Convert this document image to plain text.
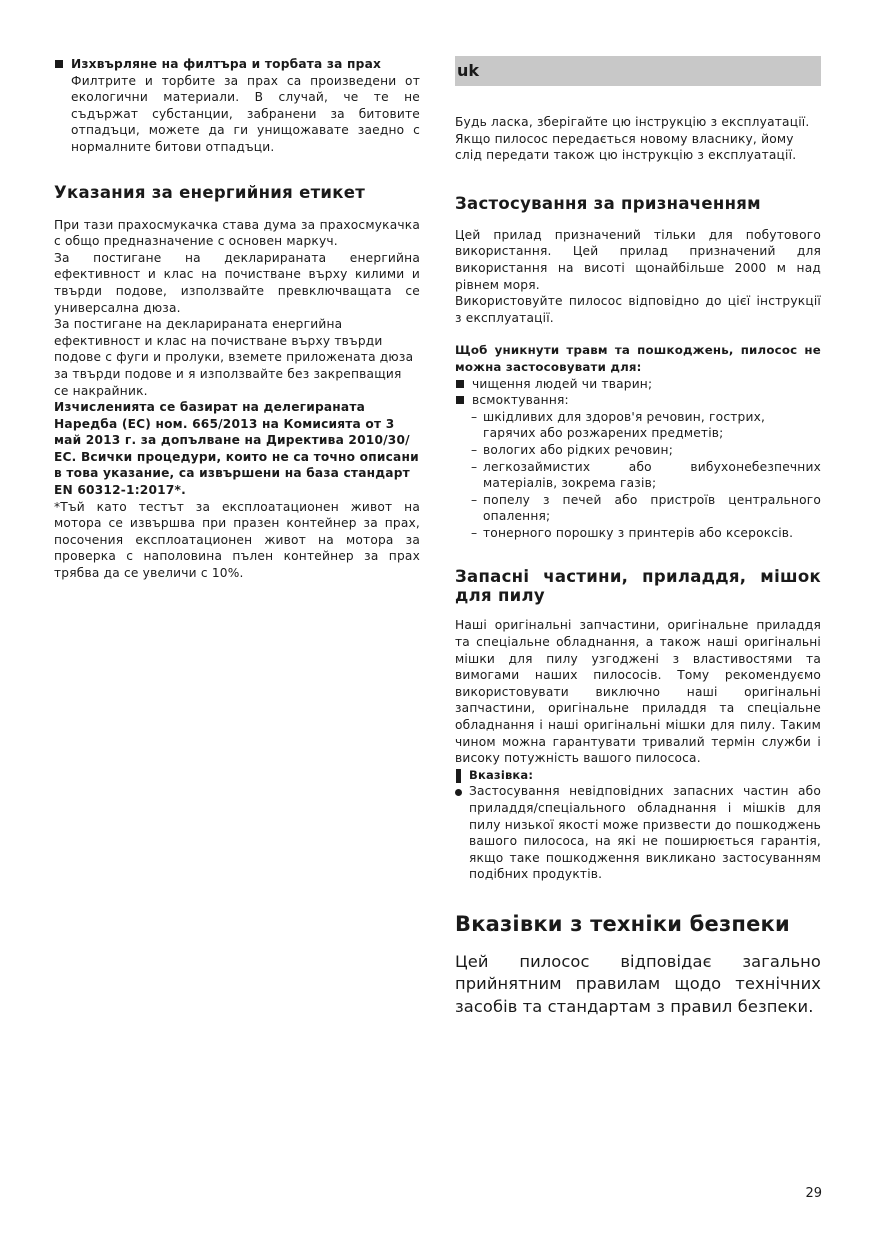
Изхвърляне на филтъра и торбата за прах

Филтрите и торбите за прах са произведени от екологични материали. В случай, че те не съдържат субстанции, забранени за битовите отпадъци, можете да ги унищожавате заедно с нормалните битови отпадъци.

Указания за енергийния етикет

При тази прахосмукачка става дума за прахосмукачка с общо предназначение с основен маркуч.

За постигане на декларираната енергийна ефективност и клас на почистване върху килими и твърди подове, използвайте превключващата се универсална дюза.

За постигане на декларираната енергийна ефективност и клас на почистване върху твърди подове с фуги и пролуки, вземете приложената дюза за твърди подове и я използвайте без закрепващия се накрайник.

Изчислениятa се базират на делегираната Наредба (ЕС) ном. 665/2013 на Комисията от 3 май 2013 г. за допълване на Директива 2010/30/ЕС. Всички процедури, които не са точно описани в това указание, са извършени на база стандарт EN 60312-1:2017*.

*Тъй като тестът за експлоатационен живот на мотора се извършва при празен контейнер за прах, посочения експлоатационен живот на мотора за проверка с наполовина пълен контейнер за прах трябва да се увеличи с 10%.

uk

Будь ласка, зберігайте цю інструкцію з експлуатації. Якщо пилосос передається новому власнику, йому слід передати також цю інструкцію з експлуатації.

Застосування за призначенням

Цей прилад призначений тільки для побутового використання. Цей прилад призначений для використання на висоті щонайбільше 2000 м над рівнем моря.

Використовуйте пилосос відповідно до цієї інструкції з експлуатації.

Щоб уникнути травм та пошкоджень, пилосос не можна застосовувати для:

чищення людей чи тварин;

всмоктування:

– шкідливих для здоров'я речовин, гострих, гарячих або розжарених предметів;

– вологих або рідких речовин;

– легкозаймистих або вибухонебезпечних матеріалів, зокрема газів;

– попелу з печей або пристроїв центрального опалення;

– тонерного порошку з принтерів або ксероксів.

Запасні частини, приладдя, мішок для пилу

Наші оригінальні запчастини, оригінальне приладдя та спеціальне обладнання, а також наші оригінальні мішки для пилу узгоджені з властивостями та вимогами наших пилососів. Тому рекомендуємо використовувати виключно наші оригінальні запчастини, оригінальне приладдя та спеціальне обладнання і наші оригінальні мішки для пилу. Таким чином можна гарантувати тривалий термін служби і високу потужність вашого пилососа.

Вказівка:

Застосування невідповідних запасних частин або приладдя/спеціального обладнання і мішків для пилу низької якості може призвести до пошкоджень вашого пилососа, на які не поширюється гарантія, якщо таке пошкодження викликано застосуванням подібних продуктів.

Вказівки з техніки безпеки

Цей пилосос відповідає загально прийнятним правилам щодо технічних засобів та стандартам з правил безпеки.

29
